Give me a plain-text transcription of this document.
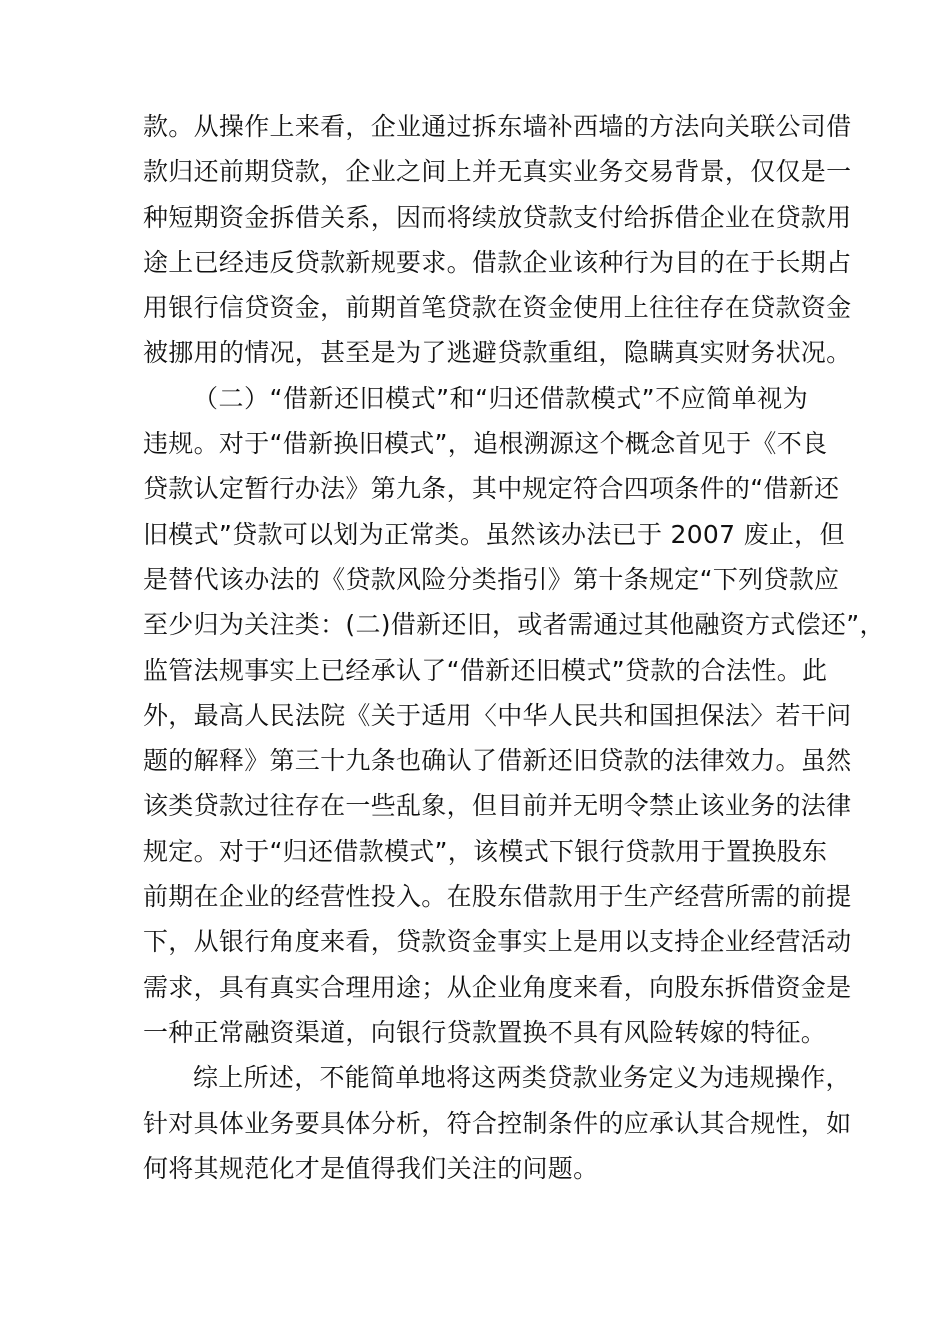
款。从操作上来看，企业通过拆东墙补西墙的方法向关联公司借
款归还前期贷款，企业之间上并无真实业务交易背景，仅仅是一
种短期资金拆借关系，因而将续放贷款支付给拆借企业在贷款用
途上已经违反贷款新规要求。借款企业该种行为目的在于长期占
用银行信贷资金，前期首笔贷款在资金使用上往往存在贷款资金
被挪用的情况，甚至是为了逃避贷款重组，隐瞒真实财务状况。
（二）“借新还旧模式”和“归还借款模式”不应简单视为
违规。对于“借新换旧模式”，追根溯源这个概念首见于《不良
贷款认定暂行办法》第九条，其中规定符合四项条件的“借新还
旧模式”贷款可以划为正常类。虽然该办法已于 2007 废止，但
是替代该办法的《贷款风险分类指引》第十条规定“下列贷款应
至少归为关注类：(二)借新还旧，或者需通过其他融资方式偿还”，
监管法规事实上已经承认了“借新还旧模式”贷款的合法性。此
外，最高人民法院《关于适用〈中华人民共和国担保法〉若干问
题的解释》第三十九条也确认了借新还旧贷款的法律效力。虽然
该类贷款过往存在一些乱象，但目前并无明令禁止该业务的法律
规定。对于“归还借款模式”，该模式下银行贷款用于置换股东
前期在企业的经营性投入。在股东借款用于生产经营所需的前提
下，从银行角度来看，贷款资金事实上是用以支持企业经营活动
需求，具有真实合理用途；从企业角度来看，向股东拆借资金是
一种正常融资渠道，向银行贷款置换不具有风险转嫁的特征。
综上所述，不能简单地将这两类贷款业务定义为违规操作，
针对具体业务要具体分析，符合控制条件的应承认其合规性，如
何将其规范化才是值得我们关注的问题。
